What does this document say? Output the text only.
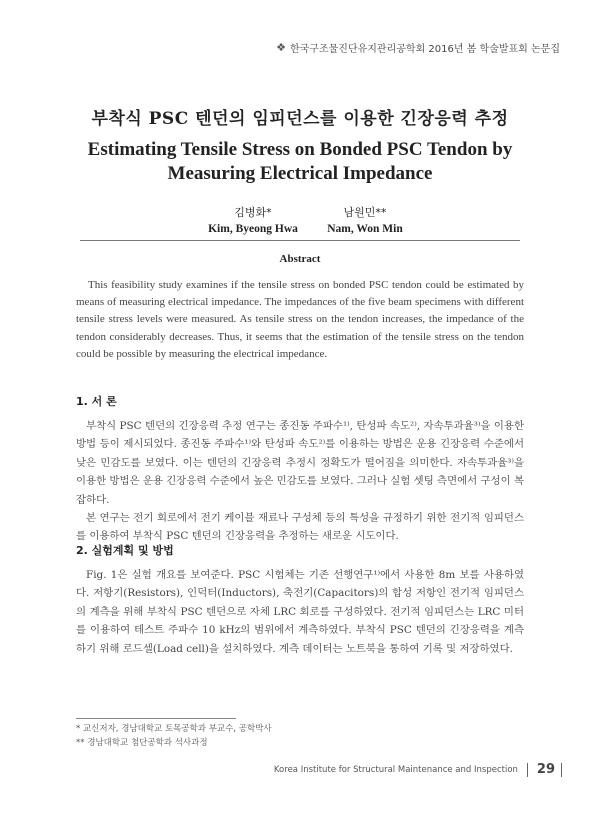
❖ 한국구조물진단유지관리공학회 2016년 봄 학술발표회 논문집
부착식 PSC 텐던의 임피던스를 이용한 긴장응력 추정
Estimating Tensile Stress on Bonded PSC Tendon by Measuring Electrical Impedance
김병화*
Kim, Byeong Hwa
남원민**
Nam, Won Min
Abstract

This feasibility study examines if the tensile stress on bonded PSC tendon could be estimated by means of measuring electrical impedance. The impedances of the five beam specimens with different tensile stress levels were measured. As tensile stress on the tendon increases, the impedance of the tendon considerably decreases. Thus, it seems that the estimation of the tensile stress on the tendon could be possible by measuring the electrical impedance.

1. 서 론

부착식 PSC 텐던의 긴장응력 추정 연구는 종진동 주파수¹⁾, 탄성파 속도²⁾, 자속투과율³⁾을 이용한 방법 등이 제시되었다. 종진동 주파수¹⁾와 탄성파 속도²⁾를 이용하는 방법은 운용 긴장응력 수준에서 낮은 민감도를 보였다. 이는 텐던의 긴장응력 추정시 정확도가 떨어짐을 의미한다. 자속투과율³⁾을 이용한 방법은 운용 긴장응력 수준에서 높은 민감도를 보였다. 그러나 실험 셋팅 측면에서 구성이 복잡하다.

본 연구는 전기 회로에서 전기 케이블 재료나 구성체 등의 특성을 규정하기 위한 전기적 임피던스를 이용하여 부착식 PSC 텐던의 긴장응력을 추정하는 새로운 시도이다.

2. 실험계획 및 방법

Fig. 1은 실험 개요를 보여준다. PSC 시험체는 기존 선행연구¹⁾에서 사용한 8m 보를 사용하였다. 저항기(Resistors), 인덕터(Inductors), 축전기(Capacitors)의 합성 저항인 전기적 임피던스의 계측을 위해 부착식 PSC 텐던으로 자체 LRC 회로를 구성하였다. 전기적 임피던스는 LRC 미터를 이용하여 테스트 주파수 10 kHz의 범위에서 계측하였다. 부착식 PSC 텐던의 긴장응력을 계측하기 위해 로드셀(Load cell)을 설치하였다. 계측 데이터는 노트북을 통하여 기록 및 저장하였다.

* 교신저자, 경남대학교 토목공학과 부교수, 공학박사
** 경남대학교 첨단공학과 석사과정
Korea Institute for Structural Maintenance and Inspection 29
